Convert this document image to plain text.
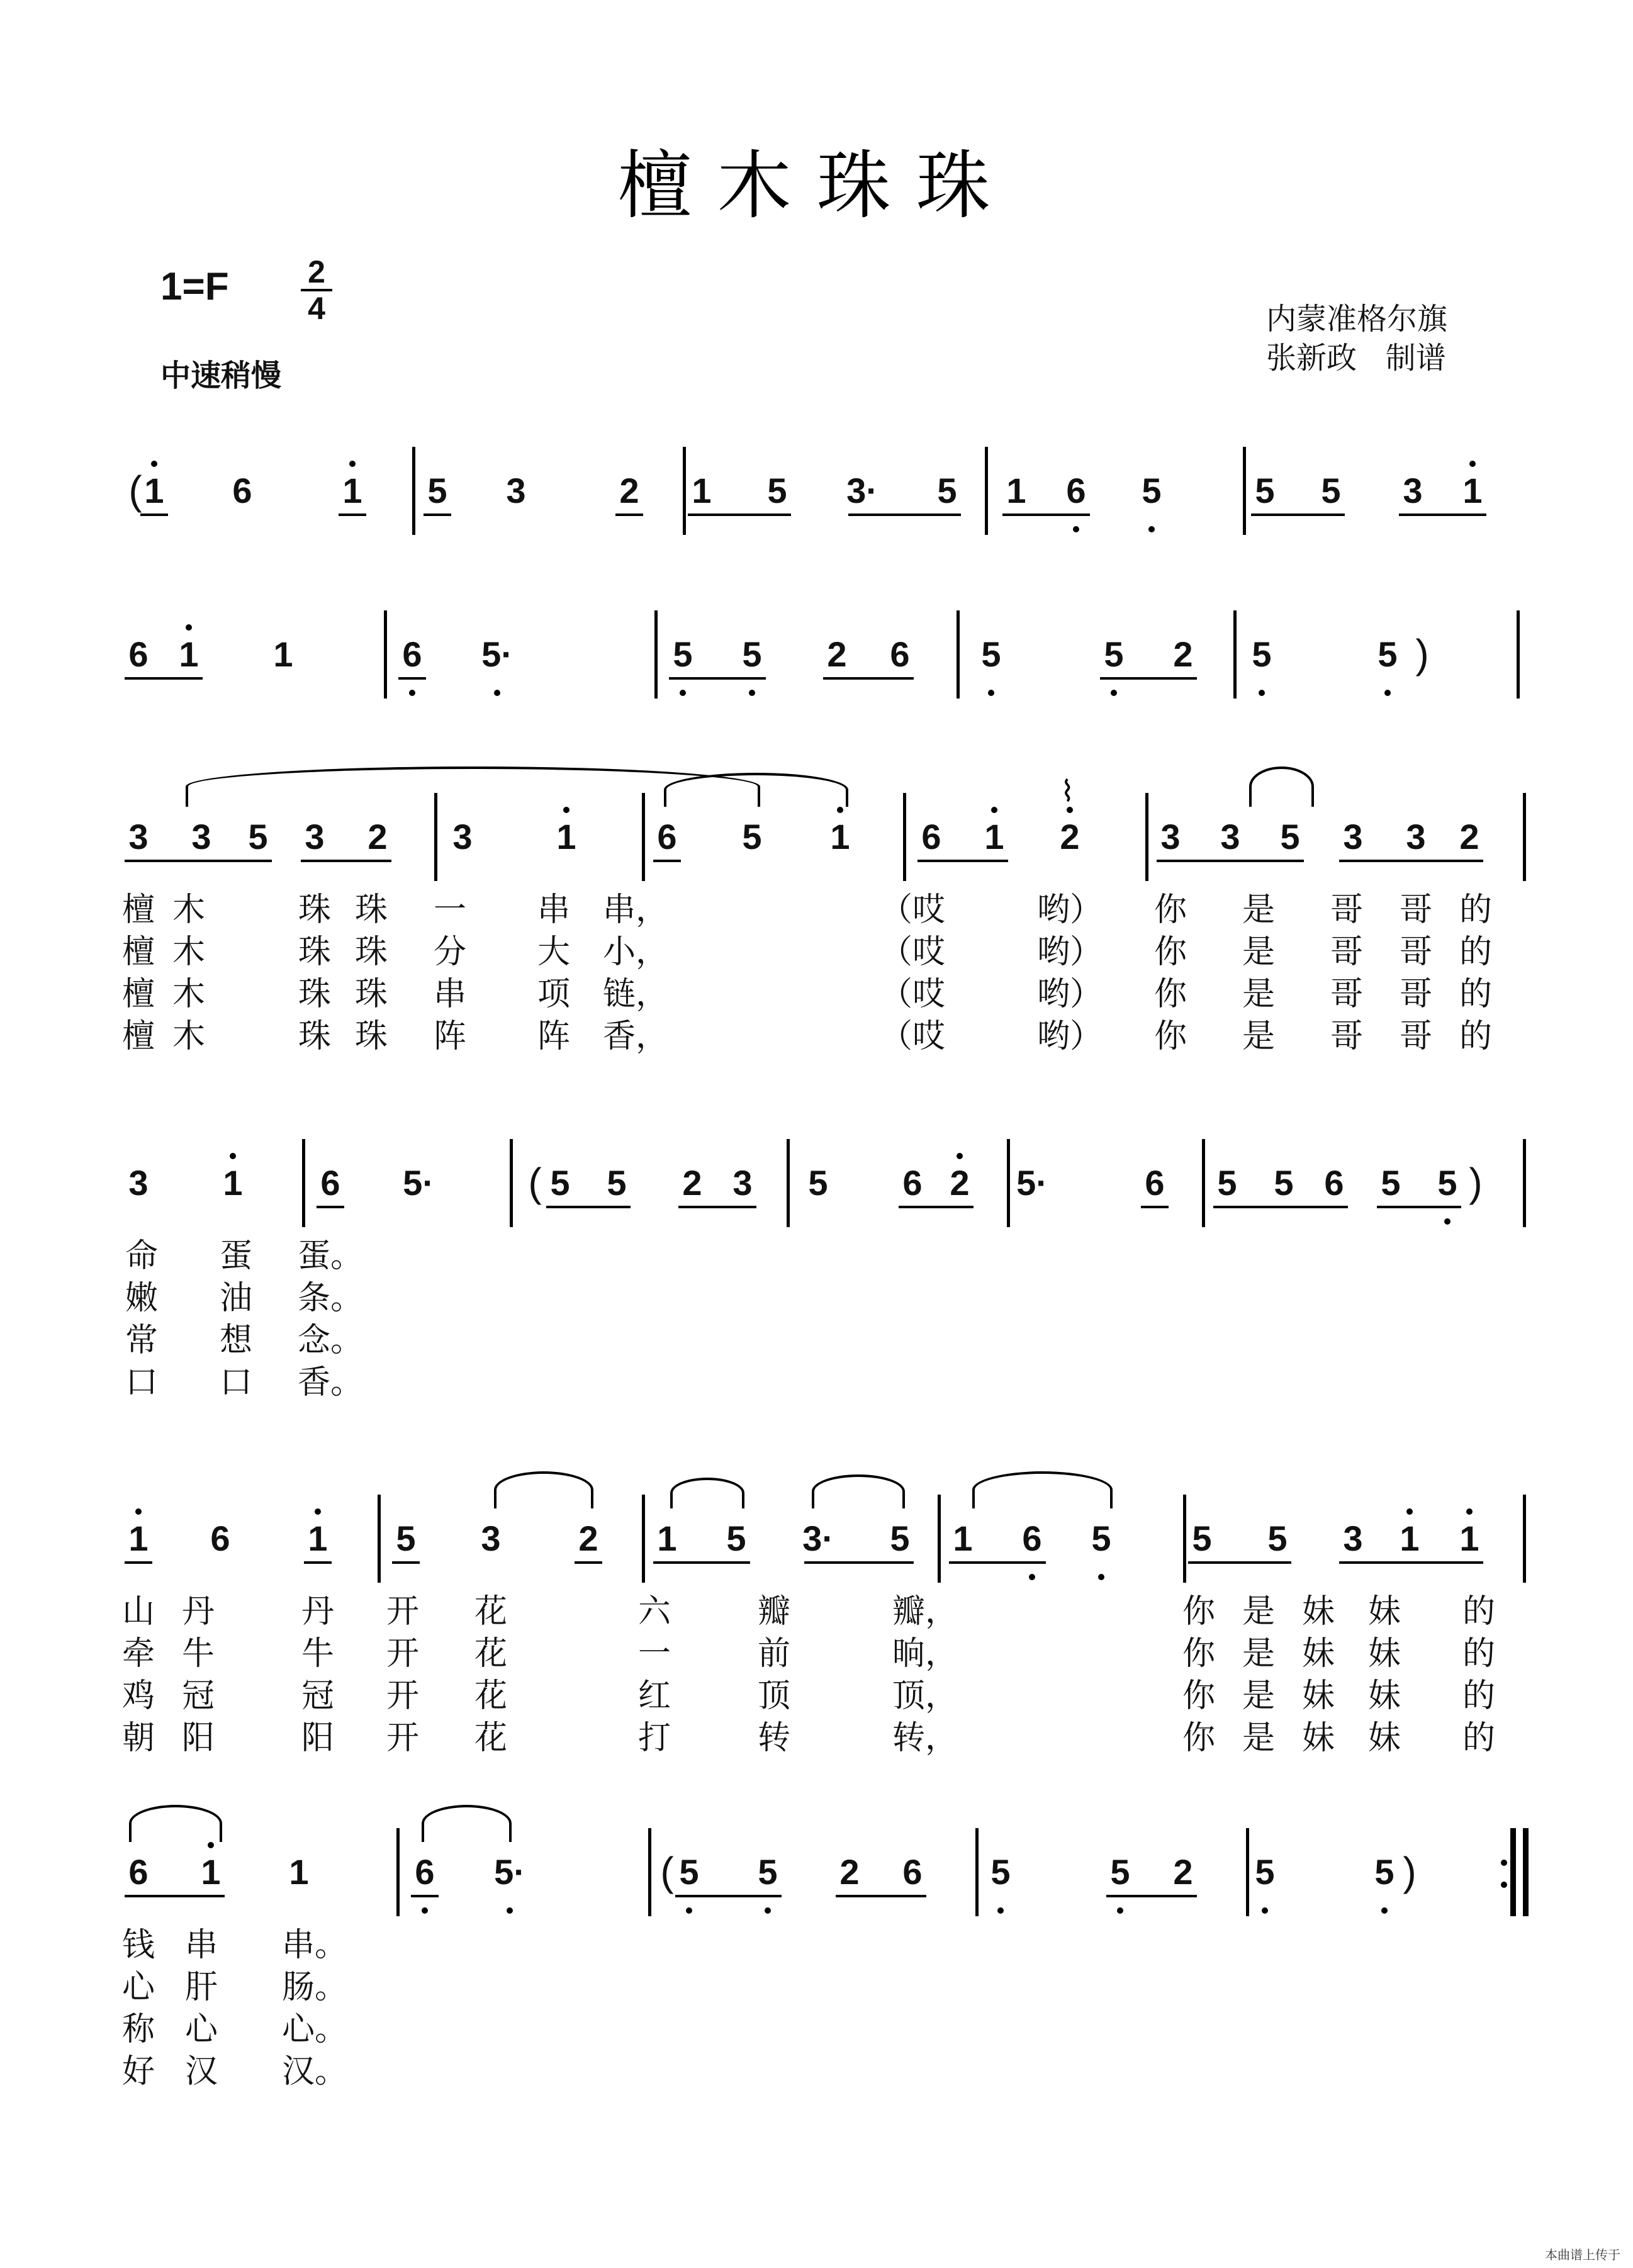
檀木珠珠
1=F	2
4
中速稍慢
内蒙准格尔旗
张新政   制谱
1 6	1 5 3	2 1 5 3· 5 1 6 5	5 5 3 1
(
6 1 1	6 5·	5 5 2 6 5	5 2 5	5 )
3 3 5 3 2 3 1 6 5 1 6 1 2 3 3 5 3 3 2
⌇
檀 木	珠 珠 一 串 串，	（哎	哟） 你 是 哥 哥 的
檀 木	珠 珠 分 大 小，	（哎	哟） 你 是 哥 哥 的
檀 木	珠 珠 串 项 链，	（哎	哟） 你 是 哥 哥 的
檀 木	珠 珠 阵 阵 香，	（哎	哟） 你 是 哥 哥 的
3 1 6 5·	5 5 2 3 5 6 2 5·	6 5 5 6 5 5
(	)
命 蛋 蛋。
嫩 油 条。
常 想 念。
口 口 香。
1 6 1 5 3 2 1 5 3· 5 1 6 5 5 5 3 1 1
山 丹	丹 开 花	六	瓣	瓣，	你 是 妹 妹 的
牵 牛	牛 开 花	一	前	晌，	你 是 妹 妹 的
鸡 冠	冠 开 花	红	顶	顶，	你 是 妹 妹 的
朝 阳	阳 开 花	打	转	转，	你 是 妹 妹 的
6 1 1	6 5·	5 5 2 6 5	5 2 5	5
(	)
钱 串 串。
心 肝 肠。
称 心 心。
好 汉 汉。
本曲谱上传于
